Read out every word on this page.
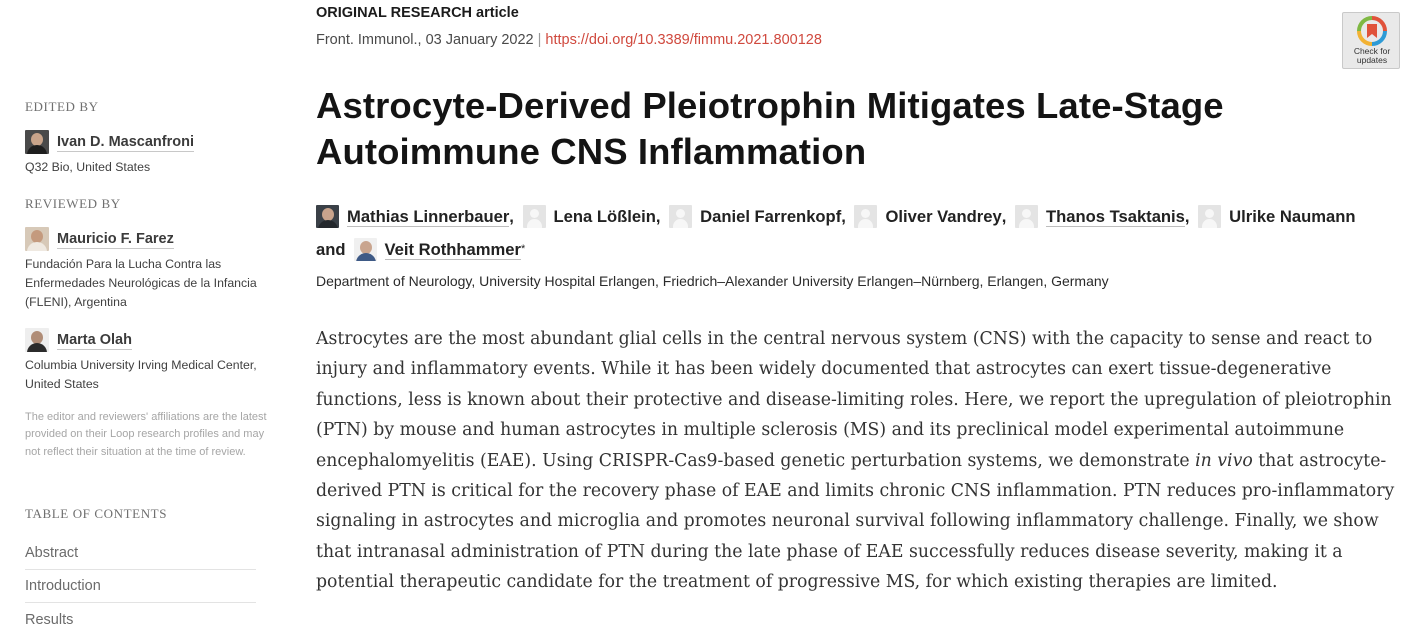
EDITED BY
Ivan D. Mascanfroni
Q32 Bio, United States
REVIEWED BY
Mauricio F. Farez
Fundación Para la Lucha Contra las Enfermedades Neurológicas de la Infancia (FLENI), Argentina
Marta Olah
Columbia University Irving Medical Center, United States
The editor and reviewers' affiliations are the latest provided on their Loop research profiles and may not reflect their situation at the time of review.
TABLE OF CONTENTS
Abstract
Introduction
Results
ORIGINAL RESEARCH article
Front. Immunol., 03 January 2022 | https://doi.org/10.3389/fimmu.2021.800128
Astrocyte-Derived Pleiotrophin Mitigates Late-Stage Autoimmune CNS Inflammation
Mathias Linnerbauer ,
Lena Lößlein ,
Daniel Farrenkopf ,
Oliver Vandrey ,
Thanos Tsaktanis ,
Ulrike Naumann

and Veit Rothhammer *
Department of Neurology, University Hospital Erlangen, Friedrich–Alexander University Erlangen–Nürnberg, Erlangen, Germany

Astrocytes are the most abundant glial cells in the central nervous system (CNS) with the capacity to sense and react to injury and inflammatory events. While it has been widely documented that astrocytes can exert tissue-degenerative functions, less is known about their protective and disease-limiting roles. Here, we report the upregulation of pleiotrophin (PTN) by mouse and human astrocytes in multiple sclerosis (MS) and its preclinical model experimental autoimmune encephalomyelitis (EAE). Using CRISPR-Cas9-based genetic perturbation systems, we demonstrate in vivo that astrocyte-derived PTN is critical for the recovery phase of EAE and limits chronic CNS inflammation. PTN reduces pro-inflammatory signaling in astrocytes and microglia and promotes neuronal survival following inflammatory challenge. Finally, we show that intranasal administration of PTN during the late phase of EAE successfully reduces disease severity, making it a potential therapeutic candidate for the treatment of progressive MS, for which existing therapies are limited.

Check for
updates
